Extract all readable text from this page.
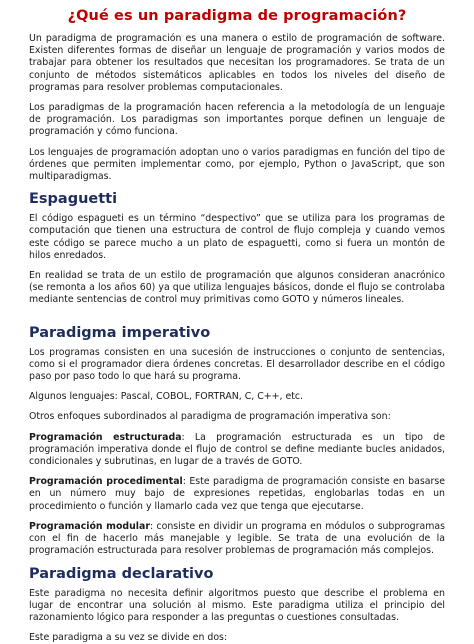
¿Qué es un paradigma de programación?

Un paradigma de programación es una manera o estilo de programación de software. Existen diferentes formas de diseñar un lenguaje de programación y varios modos de trabajar para obtener los resultados que necesitan los programadores. Se trata de un conjunto de métodos sistemáticos aplicables en todos los niveles del diseño de programas para resolver problemas computacionales.

Los paradigmas de la programación hacen referencia a la metodología de un lenguaje de programación. Los paradigmas son importantes porque definen un lenguaje de programación y cómo funciona.

Los lenguajes de programación adoptan uno o varios paradigmas en función del tipo de órdenes que permiten implementar como, por ejemplo, Python o JavaScript, que son multiparadigmas.

Espaguetti

El código espagueti es un término “despectivo” que se utiliza para los programas de computación que tienen una estructura de control de flujo compleja y cuando vemos este código se parece mucho a un plato de espaguetti, como si fuera un montón de hilos enredados.

En realidad se trata de un estilo de programación que algunos consideran anacrónico (se remonta a los años 60) ya que utiliza lenguajes básicos, donde el flujo se controlaba mediante sentencias de control muy primitivas como GOTO y números lineales.

Paradigma imperativo

Los programas consisten en una sucesión de instrucciones o conjunto de sentencias, como si el programador diera órdenes concretas. El desarrollador describe en el código paso por paso todo lo que hará su programa.

Algunos lenguajes: Pascal, COBOL, FORTRAN, C, C++, etc.

Otros enfoques subordinados al paradigma de programación imperativa son:

Programación estructurada: La programación estructurada es un tipo de programación imperativa donde el flujo de control se define mediante bucles anidados, condicionales y subrutinas, en lugar de a través de GOTO.

Programación procedimental: Este paradigma de programación consiste en basarse en un número muy bajo de expresiones repetidas, englobarlas todas en un procedimiento o función y llamarlo cada vez que tenga que ejecutarse.

Programación modular: consiste en dividir un programa en módulos o subprogramas con el fin de hacerlo más manejable y legible. Se trata de una evolución de la programación estructurada para resolver problemas de programación más complejos.

Paradigma declarativo

Este paradigma no necesita definir algoritmos puesto que describe el problema en lugar de encontrar una solución al mismo. Este paradigma utiliza el principio del razonamiento lógico para responder a las preguntas o cuestiones consultadas.

Este paradigma a su vez se divide en dos:
